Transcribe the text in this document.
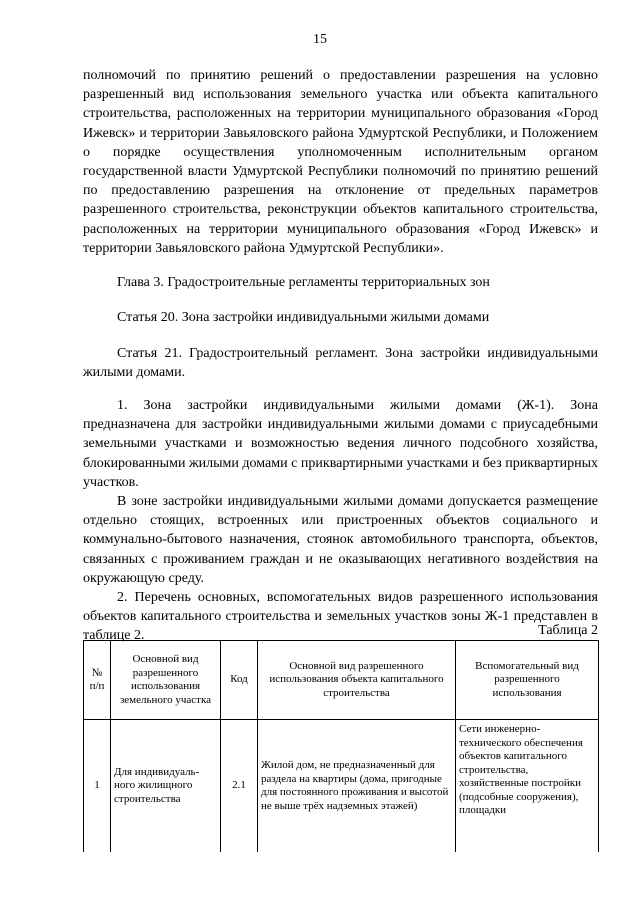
15

полномочий по принятию решений о предоставлении разрешения на условно разрешенный вид использования земельного участка или объекта капитального строительства, расположенных на территории муниципального образования «Город Ижевск» и территории Завьяловского района Удмуртской Республики, и Положением о порядке осуществления уполномоченным исполнительным органом государственной власти Удмуртской Республики полномочий по принятию решений по предоставлению разрешения на отклонение от предельных параметров разрешенного строительства, реконструкции объектов капитального строительства, расположенных на территории муниципального образования «Город Ижевск» и территории Завьяловского района Удмуртской Республики».

Глава 3. Градостроительные регламенты территориальных зон
Статья 20. Зона застройки индивидуальными жилыми домами
Статья 21. Градостроительный регламент. Зона застройки индивидуальными жилыми домами.

1. Зона застройки индивидуальными жилыми домами (Ж-1). Зона предназначена для застройки индивидуальными жилыми домами с приусадебными земельными участками и возможностью ведения личного подсобного хозяйства, блокированными жилыми домами с приквартирными участками и без приквартирных участков.

В зоне застройки индивидуальными жилыми домами допускается размещение отдельно стоящих, встроенных или пристроенных объектов социального и коммунально-бытового назначения, стоянок автомобильного транспорта, объектов, связанных с проживанием граждан и не оказывающих негативного воздействия на окружающую среду.

2. Перечень основных, вспомогательных видов разрешенного использования объектов капитального строительства и земельных участков зоны Ж-1 представлен в таблице 2.	Таблица 2
№ п/п	Основной вид разрешенного использования земельного участка	Код	Основной вид разрешенного использования объекта капитального строительства	Вспомогательный вид разрешенного использования
1	Для индивидуаль-ного жилищного строительства	2.1	Жилой дом, не предназначенный для раздела на квартиры (дома, пригодные для постоянного проживания и высотой не выше трёх надземных этажей)	Сети инженерно-технического обеспечения объектов капитального строительства, хозяйственные постройки (подсобные сооружения), площадки
